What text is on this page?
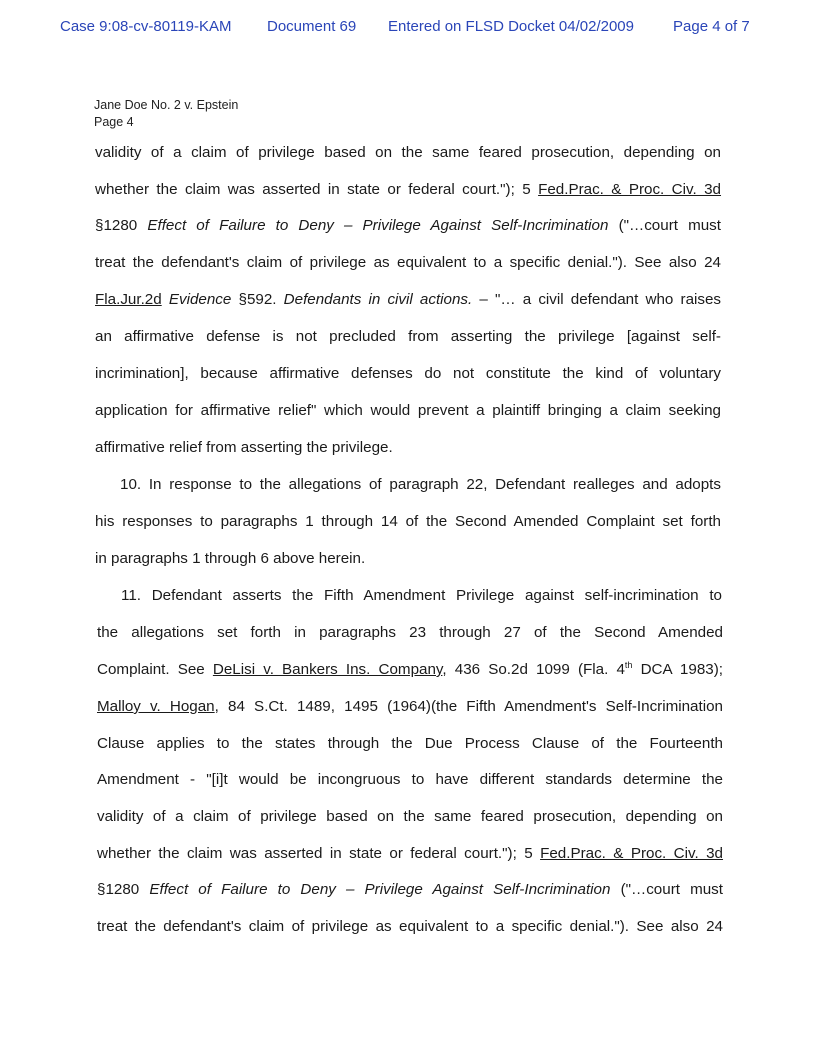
Case 9:08-cv-80119-KAM Document 69 Entered on FLSD Docket 04/02/2009	Page 4 of 7
Jane Doe No. 2 v. Epstein
Page 4
validity of a claim of privilege based on the same feared prosecution, depending on
whether the claim was asserted in state or federal court."); 5 Fed.Prac. & Proc. Civ. 3d
§1280 Effect of Failure to Deny – Privilege Against Self-Incrimination ("…court must
treat the defendant's claim of privilege as equivalent to a specific denial."). See also 24
Fla.Jur.2d Evidence §592. Defendants in civil actions. – "… a civil defendant who raises
an affirmative defense is not precluded from asserting the privilege [against self-
incrimination], because affirmative defenses do not constitute the kind of voluntary
application for affirmative relief" which would prevent a plaintiff bringing a claim seeking
affirmative relief from asserting the privilege.
10. In response to the allegations of paragraph 22, Defendant realleges and adopts
his responses to paragraphs 1 through 14 of the Second Amended Complaint set forth
in paragraphs 1 through 6 above herein.
11. Defendant asserts the Fifth Amendment Privilege against self-incrimination to
the allegations set forth in paragraphs 23 through 27 of the Second Amended
Complaint. See DeLisi v. Bankers Ins. Company, 436 So.2d 1099 (Fla. 4th DCA 1983);
Malloy v. Hogan, 84 S.Ct. 1489, 1495 (1964)(the Fifth Amendment's Self-Incrimination
Clause applies to the states through the Due Process Clause of the Fourteenth
Amendment - "[i]t would be incongruous to have different standards determine the
validity of a claim of privilege based on the same feared prosecution, depending on
whether the claim was asserted in state or federal court."); 5 Fed.Prac. & Proc. Civ. 3d
§1280 Effect of Failure to Deny – Privilege Against Self-Incrimination ("…court must
treat the defendant's claim of privilege as equivalent to a specific denial."). See also 24
